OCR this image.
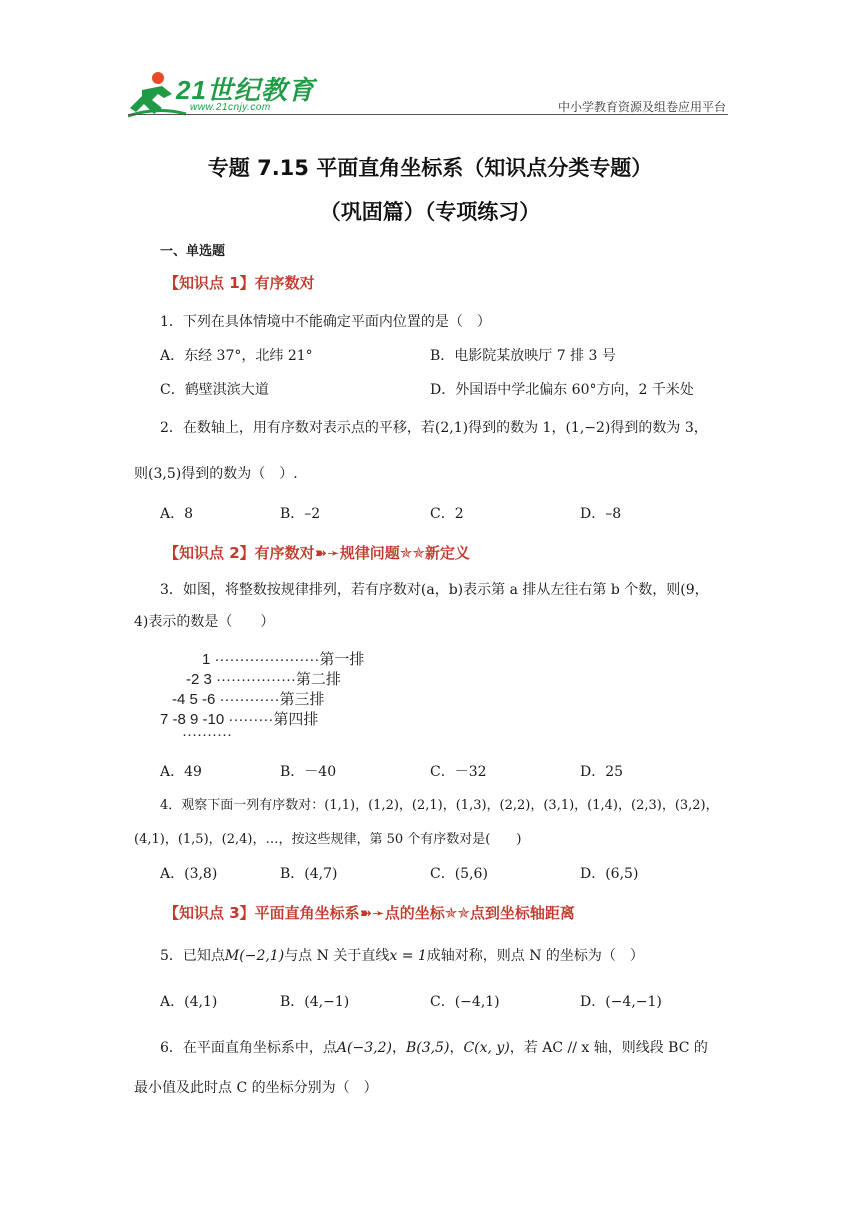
21世纪教育
www.21cnjy.com	中小学教育资源及组卷应用平台
专题 7.15 平面直角坐标系（知识点分类专题）
（巩固篇）（专项练习）
一、单选题
【知识点 1】有序数对
1．下列在具体情境中不能确定平面内位置的是（　）
A．东经 37°，北纬 21°	B．电影院某放映厅 7 排 3 号
C．鹤壁淇滨大道	D．外国语中学北偏东 60°方向，2 千米处
2．在数轴上，用有序数对表示点的平移，若(2,1)得到的数为 1，(1,−2)得到的数为 3，
则(3,5)得到的数为（　）.
A．8	B．–2	C．2	D．–8
【知识点 2】有序数对➽➛规律问题✯✯新定义
3．如图，将整数按规律排列，若有序数对(a，b)表示第 a 排从左往右第 b 个数，则(9，
4)表示的数是（　　）
1 ·····················第一排
-2 3 ················第二排
-4 5 -6 ············第三排
7 -8 9 -10 ·········第四排
··········
A．49	B．－40	C．－32	D．25
4．观察下面一列有序数对：(1,1)，(1,2)，(2,1)，(1,3)，(2,2)，(3,1)，(1,4)，(2,3)，(3,2)，
(4,1)，(1,5)，(2,4)，…，按这些规律，第 50 个有序数对是(　　)
A．(3,8)	B．(4,7)	C．(5,6)	D．(6,5)
【知识点 3】平面直角坐标系➽➛点的坐标✯✯点到坐标轴距离
5．已知点M(−2,1)与点 N 关于直线x = 1成轴对称，则点 N 的坐标为（　）
A．(4,1)	B．(4,−1)	C．(−4,1)	D．(−4,−1)
6．在平面直角坐标系中，点A(−3,2)，B(3,5)，C(x, y)，若 AC // x 轴，则线段 BC 的
最小值及此时点 C 的坐标分别为（　）
